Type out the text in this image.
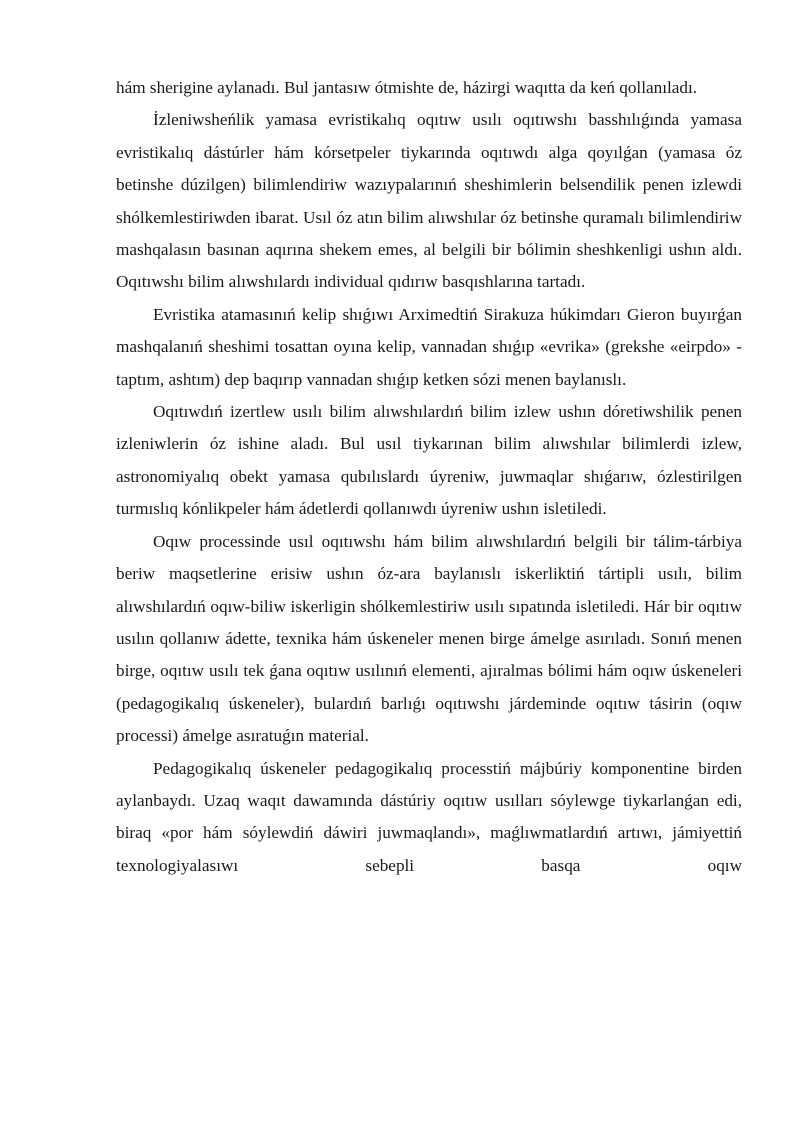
hám sherigine aylanadı. Bul jantasıw ótmishte de, házirgi waqıtta da keń qollanıladı.

İzleniwsheńlik yamasa evristikalıq oqıtıw usılı oqıtıwshı basshılıǵında yamasa evristikalıq dástúrler hám kórsetpeler tiykarında oqıtıwdı alga qoyılǵan (yamasa óz betinshe dúzilgen) bilimlendiriw wazıypalarınıń sheshimlerin belsendilik penen izlewdi shólkemlestiriwden ibarat. Usıl óz atın bilim alıwshılar óz betinshe quramalı bilimlendiriw mashqalasın basınan aqırına shekem emes, al belgili bir bólimin sheshkenligi ushın aldı. Oqıtıwshı bilim alıwshılardı individual qıdırıw basqıshlarına tartadı.

Evristika atamasınıń kelip shıǵıwı Arximedtiń Sirakuza húkimdarı Gieron buyırǵan mashqalanıń sheshimi tosattan oyına kelip, vannadan shıǵıp «evrika» (grekshe «eirpdo» - taptım, ashtım) dep baqırıp vannadan shıǵıp ketken sózi menen baylanıslı.

Oqıtıwdıń izertlew usılı bilim alıwshılardıń bilim izlew ushın dóretiwshilik penen izleniwlerin óz ishine aladı. Bul usıl tiykarınan bilim alıwshılar bilimlerdi izlew, astronomiyalıq obekt yamasa qubılıslardı úyreniw, juwmaqlar shıǵarıw, ózlestirilgen turmıslıq kónlikpeler hám ádetlerdi qollanıwdı úyreniw ushın isletiledi.

Oqıw processinde usıl oqıtıwshı hám bilim alıwshılardıń belgili bir tálim-tárbiya beriw maqsetlerine erisiw ushın óz-ara baylanıslı iskerliktiń tártipli usılı, bilim alıwshılardıń oqıw-biliw iskerligin shólkemlestiriw usılı sıpatında isletiledi. Hár bir oqıtıw usılın qollanıw ádette, texnika hám úskeneler menen birge ámelge asırıladı. Sonıń menen birge, oqıtıw usılı tek ǵana oqıtıw usılınıń elementi, ajıralmas bólimi hám oqıw úskeneleri (pedagogikalıq úskeneler), bulardıń barlıǵı oqıtıwshı járdeminde oqıtıw tásirin (oqıw processi) ámelge asıratuǵın material.

Pedagogikalıq úskeneler pedagogikalıq processtiń májbúriy komponentine birden aylanbaydı. Uzaq waqıt dawamında dástúriy oqıtıw usılları sóylewge tiykarlanǵan edi, biraq «por hám sóylewdiń dáwiri juwmaqlandı», maǵlıwmatlardıń artıwı, jámiyettiń texnologiyalasıwı sebepli basqa oqıw
